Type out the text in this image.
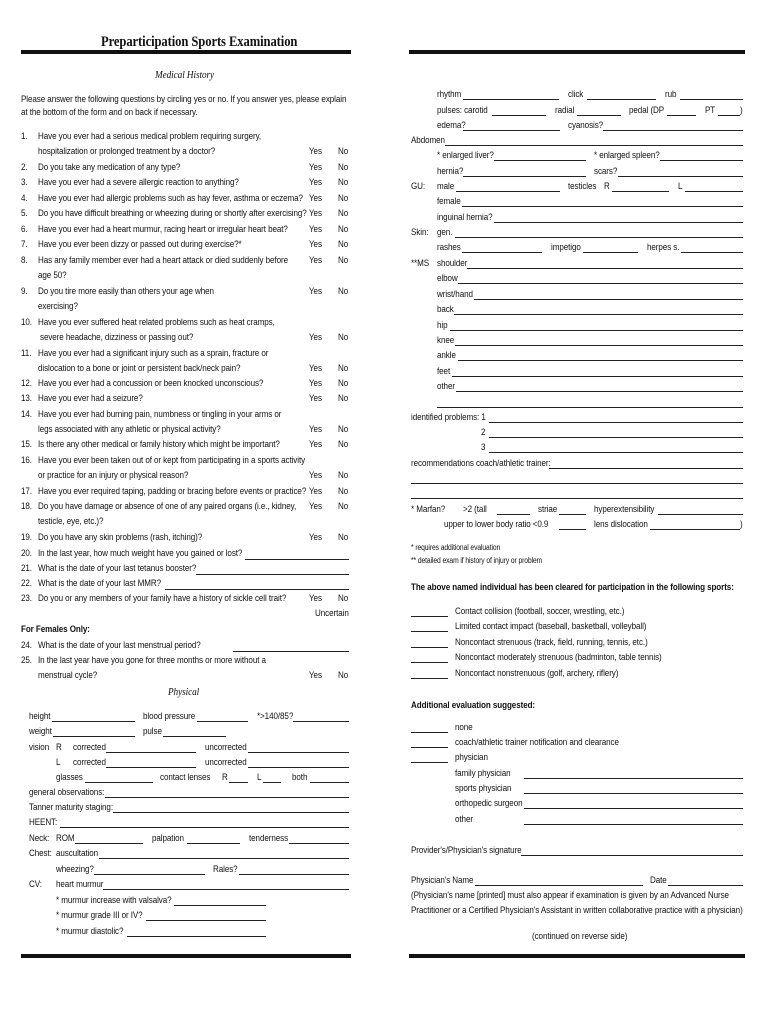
Preparticipation Sports Examination
Medical History
Please answer the following questions by circling yes or no. If you answer yes, please explain
at the bottom of the form and on back if necessary.
1. Have you ever had a serious medical problem requiring surgery,
hospitalization or prolonged treatment by a doctor?	Yes No
2. Do you take any medication of any type?	Yes No
3. Have you ever had a severe allergic reaction to anything?	Yes No
4. Have you ever had allergic problems such as hay fever, asthma or eczema? Yes No
5. Do you have difficult breathing or wheezing during or shortly after exercising? Yes No
6. Have you ever had a heart murmur, racing heart or irregular heart beat? Yes No
7. Have you ever been dizzy or passed out during exercise?*	Yes No
8. Has any family member ever had a heart attack or died suddenly before
age 50?
Yes No
9. Do you tire more easily than others your age when
exercising?
Yes No
10. Have you ever suffered heat related problems such as heat cramps,
severe headache, dizziness or passing out?	Yes No
11. Have you ever had a significant injury such as a sprain, fracture or
dislocation to a bone or joint or persistent back/neck pain?	Yes No
12. Have you ever had a concussion or been knocked unconscious?	Yes No
13. Have you ever had a seizure?	Yes No
14. Have you ever had burning pain, numbness or tingling in your arms or
legs associated with any athletic or physical activity?	Yes No
15. Is there any other medical or family history which might be important?	Yes No
16. Have you ever been taken out of or kept from participating in a sports activity
or practice for an injury or physical reason?	Yes No
17. Have you ever required taping, padding or bracing before events or practice? Yes No
18. Do you have damage or absence of one of any paired organs (i.e., kidney,
testicle, eye, etc.)?
Yes No
19. Do you have any skin problems (rash, itching)?	Yes No
20. In the last year, how much weight have you gained or lost?
21. What is the date of your last tetanus booster?
22. What is the date of your last MMR?
23. Do you or any members of your family have a history of sickle cell trait? Yes No
Uncertain
For Females Only:
24. What is the date of your last menstrual period?
25. In the last year have you gone for three months or more without a
menstrual cycle?	Yes No
Physical
height	blood pressure	*>140/85?
weight	pulse
vision R corrected	uncorrected
L corrected	uncorrected
glasses	contact lenses R	L	both
general observations:
Tanner maturity staging:
HEENT:
Neck: ROM	palpation	tenderness
Chest: auscultation
wheezing?	Rales?
CV: heart murmur
* murmur increase with valsalva?
* murmur grade III or IV?
* murmur diastolic?
rhythm	click	rub
pulses: carotid	radial	pedal (DP	PT	)
edema?	cyanosis?
Abdomen
* enlarged liver?	* enlarged spleen?
hernia?	scars?
GU: male	testicles R	L
female
inguinal hernia?
Skin: gen.
rashes	impetigo	herpes s.
**MS shoulder
elbow
wrist/hand
back
hip
knee
ankle
feet
other
identified problems: 1
2
3
recommendations coach/athletic trainer:
* Marfan? >2 (tall	striae	hyperextensibility
upper to lower body ratio <0.9	lens dislocation	)
* requires additional evaluation
** detailed exam if history of injury or problem
The above named individual has been cleared for participation in the following sports:
Contact collision (football, soccer, wrestling, etc.)
Limited contact impact (baseball, basketball, volleyball)
Noncontact strenuous (track, field, running, tennis, etc.)
Noncontact moderately strenuous (badminton, table tennis)
Noncontact nonstrenuous (golf, archery, riflery)
Additional evaluation suggested:
none
coach/athletic trainer notification and clearance
physician
family physician
sports physician
orthopedic surgeon
other
Provider's/Physician's signature
Physician's Name	Date
(Physician's name [printed] must also appear if examination is given by an Advanced Nurse
Practitioner or a Certified Physician's Assistant in written collaborative practice with a physician)
(continued on reverse side)
